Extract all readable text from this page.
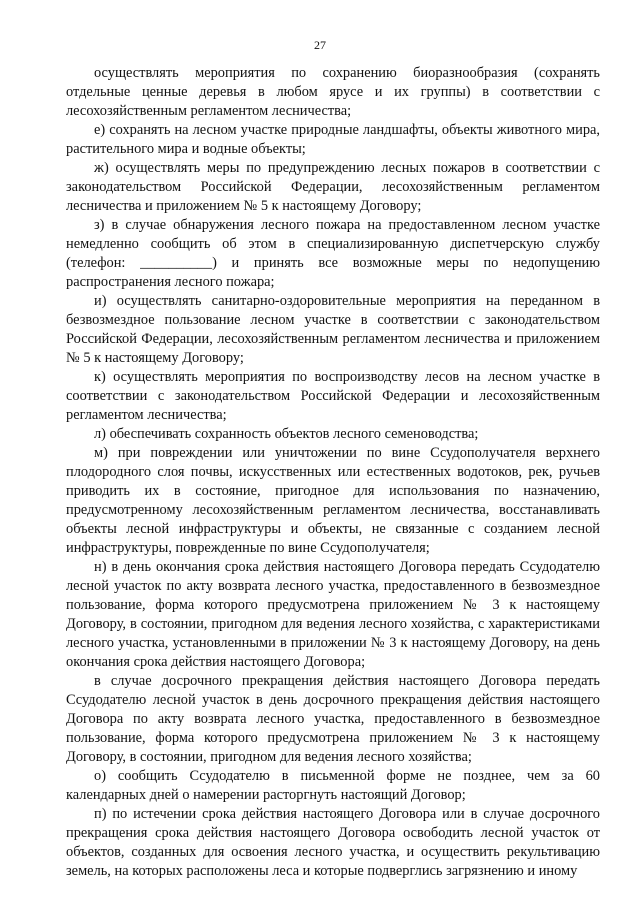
27

осуществлять мероприятия по сохранению биоразнообразия (сохранять отдельные ценные деревья в любом ярусе и их группы) в соответствии с лесохозяйственным регламентом лесничества;

е) сохранять на лесном участке природные ландшафты, объекты животного мира, растительного мира и водные объекты;

ж) осуществлять меры по предупреждению лесных пожаров в соответствии с законодательством Российской Федерации, лесохозяйственным регламентом лесничества и приложением № 5 к настоящему Договору;

з) в случае обнаружения лесного пожара на предоставленном лесном участке немедленно сообщить об этом в специализированную диспетчерскую службу (телефон: __________) и принять все возможные меры по недопущению распространения лесного пожара;

и) осуществлять санитарно-оздоровительные мероприятия на переданном в безвозмездное пользование лесном участке в соответствии с законодательством Российской Федерации, лесохозяйственным регламентом лесничества и приложением № 5 к настоящему Договору;

к) осуществлять мероприятия по воспроизводству лесов на лесном участке в соответствии с законодательством Российской Федерации и лесохозяйственным регламентом лесничества;

л) обеспечивать сохранность объектов лесного семеноводства;

м) при повреждении или уничтожении по вине Ссудополучателя верхнего плодородного слоя почвы, искусственных или естественных водотоков, рек, ручьев приводить их в состояние, пригодное для использования по назначению, предусмотренному лесохозяйственным регламентом лесничества, восстанавливать объекты лесной инфраструктуры и объекты, не связанные с созданием лесной инфраструктуры, поврежденные по вине Ссудополучателя;

н) в день окончания срока действия настоящего Договора передать Ссудодателю лесной участок по акту возврата лесного участка, предоставленного в безвозмездное пользование, форма которого предусмотрена приложением № 3 к настоящему Договору, в состоянии, пригодном для ведения лесного хозяйства, с характеристиками лесного участка, установленными в приложении № 3 к настоящему Договору, на день окончания срока действия настоящего Договора;

в случае досрочного прекращения действия настоящего Договора передать Ссудодателю лесной участок в день досрочного прекращения действия настоящего Договора по акту возврата лесного участка, предоставленного в безвозмездное пользование, форма которого предусмотрена приложением № 3 к настоящему Договору, в состоянии, пригодном для ведения лесного хозяйства;

о) сообщить Ссудодателю в письменной форме не позднее, чем за 60 календарных дней о намерении расторгнуть настоящий Договор;

п) по истечении срока действия настоящего Договора или в случае досрочного прекращения срока действия настоящего Договора освободить лесной участок от объектов, созданных для освоения лесного участка, и осуществить рекультивацию земель, на которых расположены леса и которые подверглись загрязнению и иному
